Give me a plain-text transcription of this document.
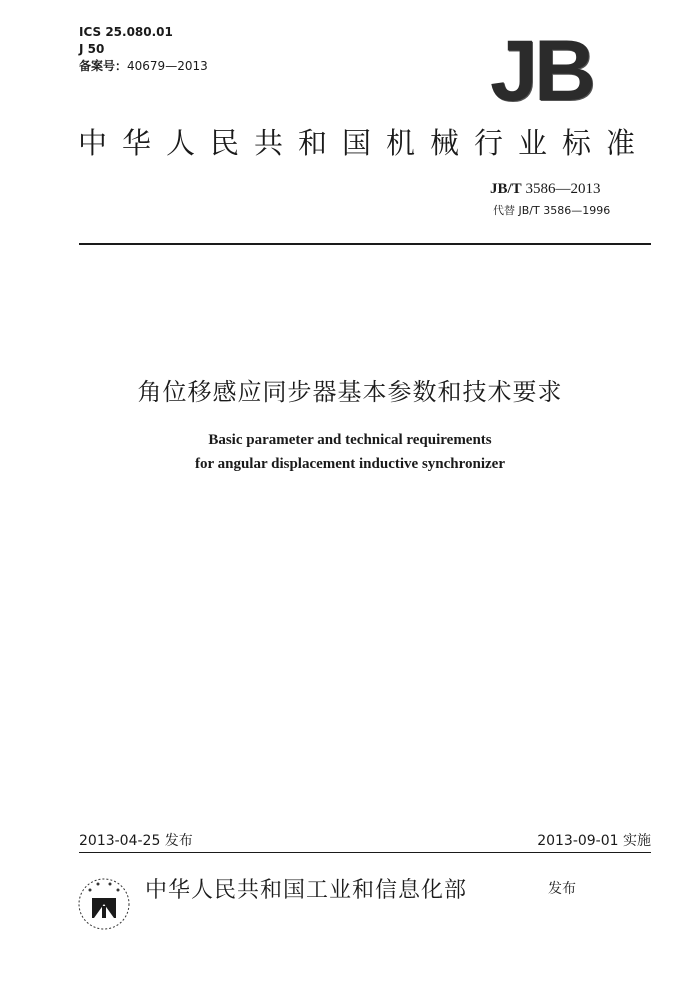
ICS 25.080.01
J 50
备案号：40679—2013	JB
中华人民共和国机械行业标准
JB/T 3586—2013
代替 JB/T 3586—1996
角位移感应同步器基本参数和技术要求
Basic parameter and technical requirements
for angular displacement inductive synchronizer
2013-04-25 发布	2013-09-01 实施
中华人民共和国工业和信息化部	发布
